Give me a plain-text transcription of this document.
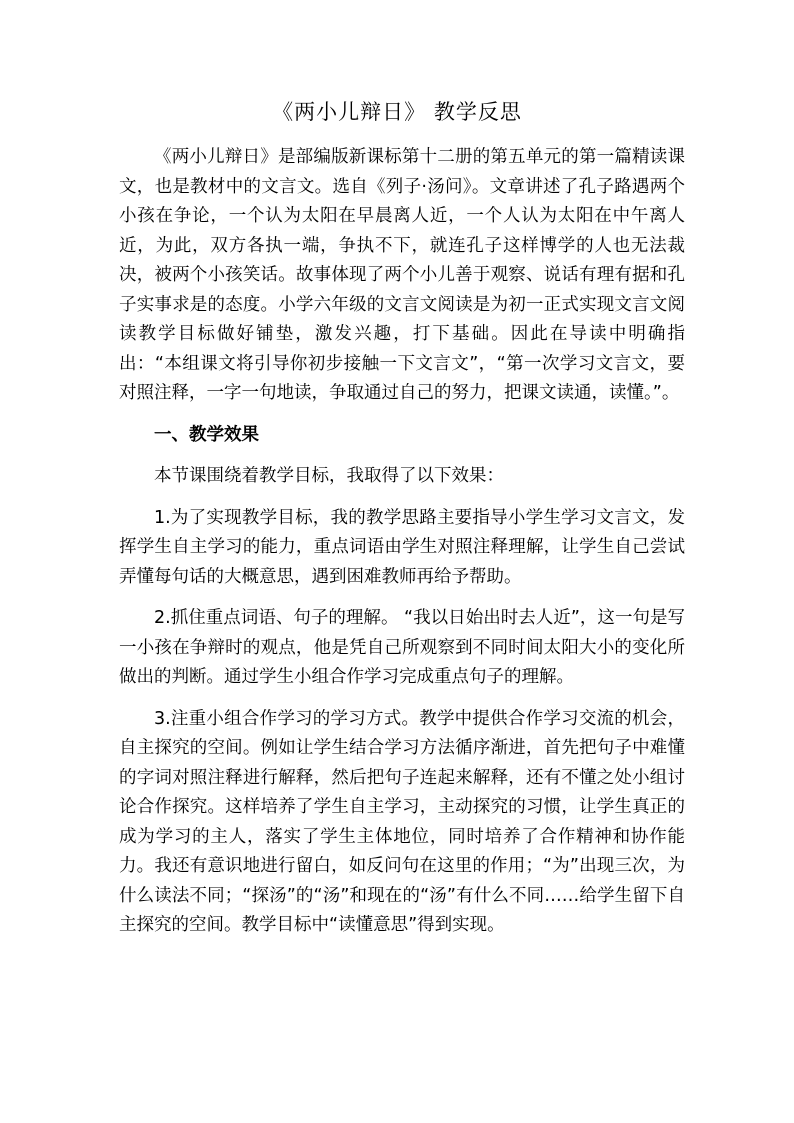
《两小儿辩日》 教学反思

《两小儿辩日》是部编版新课标第十二册的第五单元的第一篇精读课文，也是教材中的文言文。选自《列子·汤问》。文章讲述了孔子路遇两个小孩在争论，一个认为太阳在早晨离人近，一个人认为太阳在中午离人近，为此，双方各执一端，争执不下，就连孔子这样博学的人也无法裁决，被两个小孩笑话。故事体现了两个小儿善于观察、说话有理有据和孔子实事求是的态度。小学六年级的文言文阅读是为初一正式实现文言文阅读教学目标做好铺垫，激发兴趣，打下基础。因此在导读中明确指出：“本组课文将引导你初步接触一下文言文”，“第一次学习文言文，要对照注释，一字一句地读，争取通过自己的努力，把课文读通，读懂。”。

一、教学效果

本节课围绕着教学目标，我取得了以下效果：

1.为了实现教学目标，我的教学思路主要指导小学生学习文言文，发挥学生自主学习的能力，重点词语由学生对照注释理解，让学生自己尝试弄懂每句话的大概意思，遇到困难教师再给予帮助。

2.抓住重点词语、句子的理解。 “我以日始出时去人近”，这一句是写一小孩在争辩时的观点，他是凭自己所观察到不同时间太阳大小的变化所做出的判断。通过学生小组合作学习完成重点句子的理解。

3.注重小组合作学习的学习方式。教学中提供合作学习交流的机会，自主探究的空间。例如让学生结合学习方法循序渐进，首先把句子中难懂的字词对照注释进行解释，然后把句子连起来解释，还有不懂之处小组讨论合作探究。这样培养了学生自主学习，主动探究的习惯，让学生真正的成为学习的主人，落实了学生主体地位，同时培养了合作精神和协作能力。我还有意识地进行留白，如反问句在这里的作用；“为”出现三次，为什么读法不同；“探汤”的“汤”和现在的“汤”有什么不同……给学生留下自主探究的空间。教学目标中“读懂意思”得到实现。
